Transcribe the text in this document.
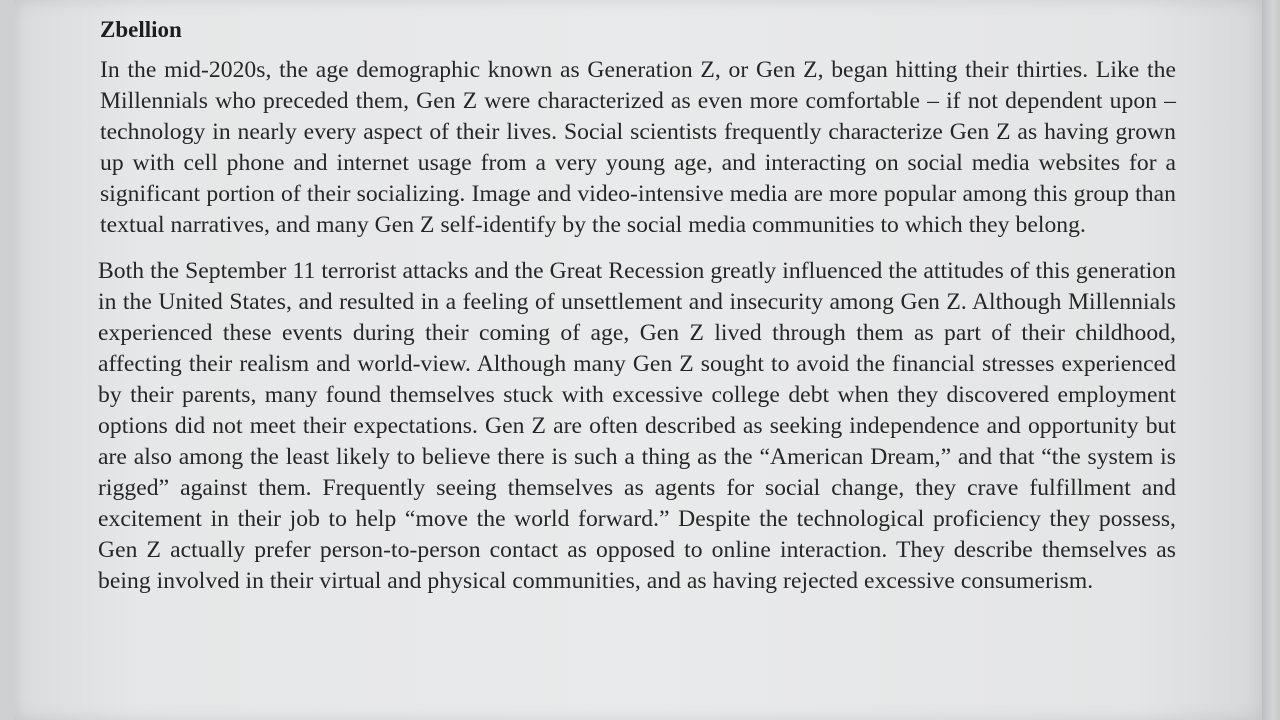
Zbellion

In the mid-2020s, the age demographic known as Generation Z, or Gen Z, began hitting their thirties. Like the Millennials who preceded them, Gen Z were characterized as even more comfortable – if not dependent upon – technology in nearly every aspect of their lives. Social scientists frequently characterize Gen Z as having grown up with cell phone and internet usage from a very young age, and interacting on social media websites for a significant portion of their socializing. Image and video-intensive media are more popular among this group than textual narratives, and many Gen Z self-identify by the social media communities to which they belong.

Both the September 11 terrorist attacks and the Great Recession greatly influenced the attitudes of this generation in the United States, and resulted in a feeling of unsettlement and insecurity among Gen Z. Although Millennials experienced these events during their coming of age, Gen Z lived through them as part of their childhood, affecting their realism and world-view. Although many Gen Z sought to avoid the financial stresses experienced by their parents, many found themselves stuck with excessive college debt when they discovered employment options did not meet their expectations. Gen Z are often described as seeking independence and opportunity but are also among the least likely to believe there is such a thing as the “American Dream,” and that “the system is rigged” against them. Frequently seeing themselves as agents for social change, they crave fulfillment and excitement in their job to help “move the world forward.” Despite the technological proficiency they possess, Gen Z actually prefer person-to-person contact as opposed to online interaction. They describe themselves as being involved in their virtual and physical communities, and as having rejected excessive consumerism.
